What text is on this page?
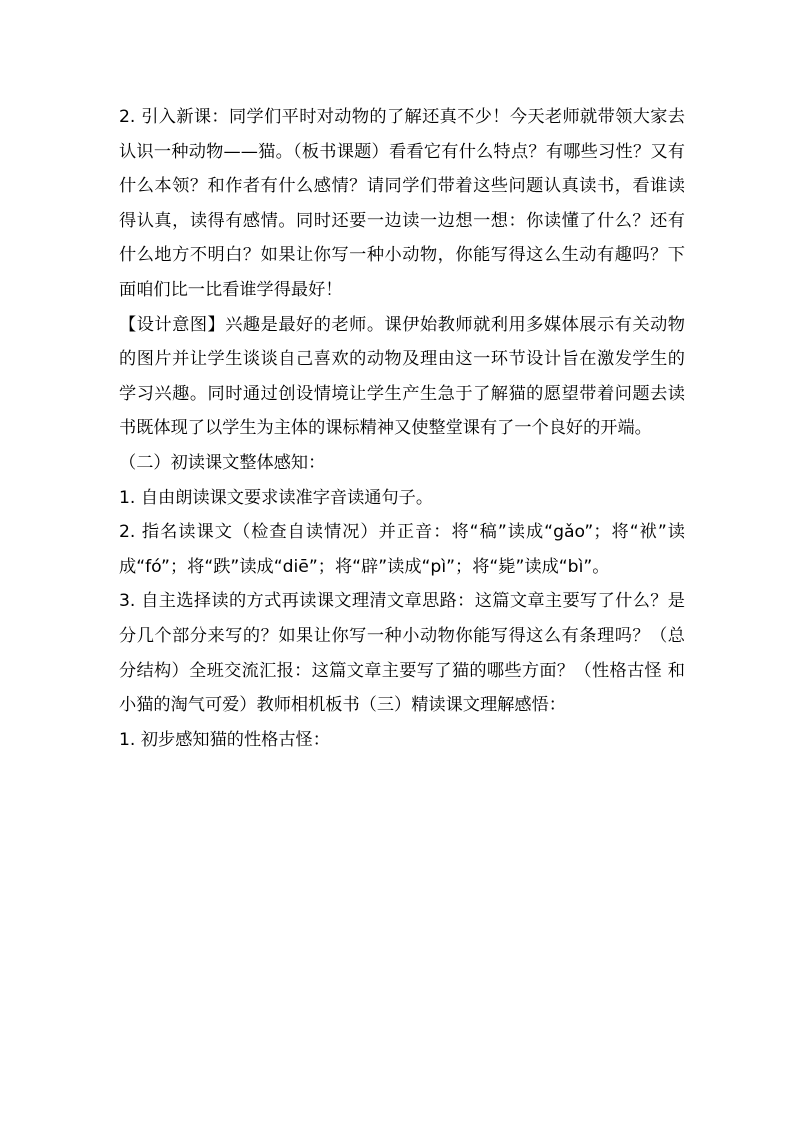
2. 引入新课：同学们平时对动物的了解还真不少！今天老师就带领大家去认识一种动物——猫。（板书课题）看看它有什么特点？有哪些习性？又有什么本领？和作者有什么感情？请同学们带着这些问题认真读书，看谁读得认真，读得有感情。同时还要一边读一边想一想：你读懂了什么？还有什么地方不明白？如果让你写一种小动物，你能写得这么生动有趣吗？下面咱们比一比看谁学得最好！

【设计意图】兴趣是最好的老师。课伊始教师就利用多媒体展示有关动物的图片并让学生谈谈自己喜欢的动物及理由这一环节设计旨在激发学生的学习兴趣。同时通过创设情境让学生产生急于了解猫的愿望带着问题去读书既体现了以学生为主体的课标精神又使整堂课有了一个良好的开端。

（二）初读课文整体感知：

1. 自由朗读课文要求读准字音读通句子。

2. 指名读课文（检查自读情况）并正音：将“稿”读成“gǎo”；将“袱”读成“fó”；将“跌”读成“diē”；将“辟”读成“pì”；将“毙”读成“bì”。

3. 自主选择读的方式再读课文理清文章思路：这篇文章主要写了什么？是分几个部分来写的？如果让你写一种小动物你能写得这么有条理吗？（总分结构）全班交流汇报：这篇文章主要写了猫的哪些方面？（性格古怪 和 小猫的淘气可爱）教师相机板书（三）精读课文理解感悟：

1. 初步感知猫的性格古怪：
